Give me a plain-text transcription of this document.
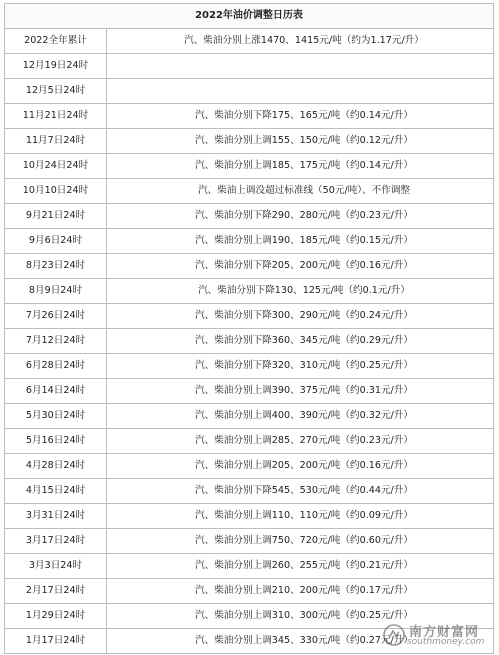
2022年油价调整日历表
2022全年累计	汽、柴油分别上涨1470、1415元/吨（约为1.17元/升）
12月19日24时	
12月5日24时	
11月21日24时	汽、柴油分别下降175、165元/吨（约0.14元/升）
11月7日24时	汽、柴油分别上调155、150元/吨（约0.12元/升）
10月24日24时	汽、柴油分别上调185、175元/吨（约0.14元/升）
10月10日24时	汽、柴油上调没超过标准线（50元/吨）、不作调整
9月21日24时	汽、柴油分别下降290、280元/吨（约0.23元/升）
9月6日24时	汽、柴油分别上调190、185元/吨（约0.15元/升）
8月23日24时	汽、柴油分别下降205、200元/吨（约0.16元/升）
8月9日24时	汽、柴油分别下降130、125元/吨（约0.1元/升）
7月26日24时	汽、柴油分别下降300、290元/吨（约0.24元/升）
7月12日24时	汽、柴油分别下降360、345元/吨（约0.29元/升）
6月28日24时	汽、柴油分别下降320、310元/吨（约0.25元/升）
6月14日24时	汽、柴油分别上调390、375元/吨（约0.31元/升）
5月30日24时	汽、柴油分别上调400、390元/吨（约0.32元/升）
5月16日24时	汽、柴油分别上调285、270元/吨（约0.23元/升）
4月28日24时	汽、柴油分别上调205、200元/吨（约0.16元/升）
4月15日24时	汽、柴油分别下降545、530元/吨（约0.44元/升）
3月31日24时	汽、柴油分别上调110、110元/吨（约0.09元/升）
3月17日24时	汽、柴油分别上调750、720元/吨（约0.60元/升）
3月3日24时	汽、柴油分别上调260、255元/吨（约0.21元/升）
2月17日24时	汽、柴油分别上调210、200元/吨（约0.17元/升）
1月29日24时	汽、柴油分别上调310、300元/吨（约0.25元/升）
1月17日24时	汽、柴油分别上调345、330元/吨（约0.27元/升）
南方财富网
southmoney.com
